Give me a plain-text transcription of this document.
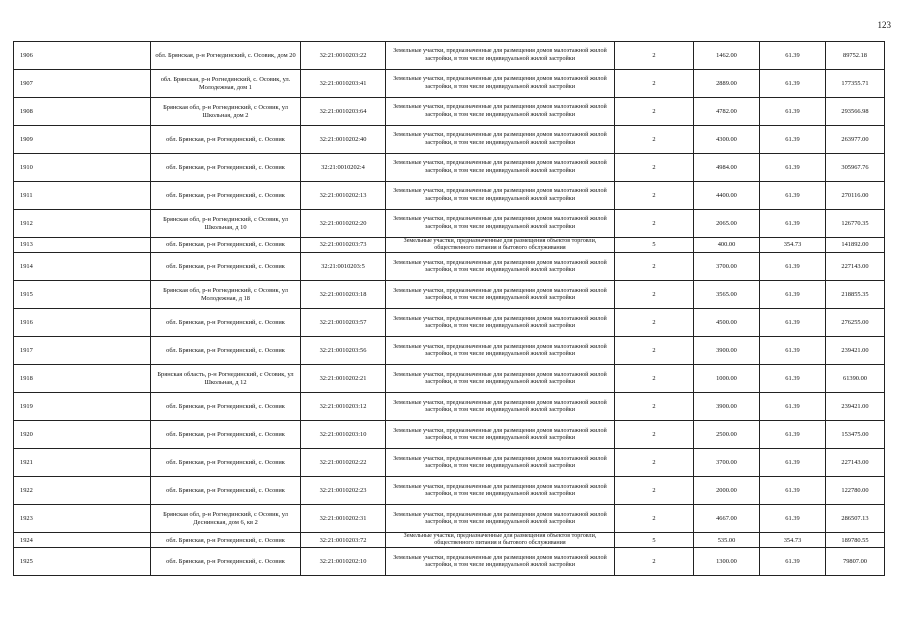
123
1906	обл. Брянская, р-н Рогнединский, с. Осовик, дом 20	32:21:0010203:22	Земельные участки, предназначенные для размещения домов малоэтажной жилой застройки, в том числе индивидуальной жилой застройки	2	1462.00	61.39	89752.18
1907	обл. Брянская, р-н Рогнединский, с. Осовик, ул. Молодежная, дом 1	32:21:0010203:41	Земельные участки, предназначенные для размещения домов малоэтажной жилой застройки, в том числе индивидуальной жилой застройки	2	2889.00	61.39	177355.71
1908	Брянская обл, р-н Рогнединский, с Осовик, ул Школьная, дом 2	32:21:0010203:64	Земельные участки, предназначенные для размещения домов малоэтажной жилой застройки, в том числе индивидуальной жилой застройки	2	4782.00	61.39	293566.98
1909	обл. Брянская, р-н Рогнединский, с. Осовик	32:21:0010202:40	Земельные участки, предназначенные для размещения домов малоэтажной жилой застройки, в том числе индивидуальной жилой застройки	2	4300.00	61.39	263977.00
1910	обл. Брянская, р-н Рогнединский, с. Осовик	32:21:0010202:4	Земельные участки, предназначенные для размещения домов малоэтажной жилой застройки, в том числе индивидуальной жилой застройки	2	4984.00	61.39	305967.76
1911	обл. Брянская, р-н Рогнединский, с. Осовик	32:21:0010202:13	Земельные участки, предназначенные для размещения домов малоэтажной жилой застройки, в том числе индивидуальной жилой застройки	2	4400.00	61.39	270116.00
1912	Брянская обл, р-н Рогнединский, с Осовик, ул Школьная, д 10	32:21:0010202:20	Земельные участки, предназначенные для размещения домов малоэтажной жилой застройки, в том числе индивидуальной жилой застройки	2	2065.00	61.39	126770.35
1913	обл. Брянская, р-н Рогнединский, с. Осовик	32:21:0010203:73	Земельные участки, предназначенные для размещения объектов торговли, общественного питания и бытового обслуживания	5	400.00	354.73	141892.00
1914	обл. Брянская, р-н Рогнединский, с. Осовик	32:21:0010203:5	Земельные участки, предназначенные для размещения домов малоэтажной жилой застройки, в том числе индивидуальной жилой застройки	2	3700.00	61.39	227143.00
1915	Брянская обл, р-н Рогнединский, с Осовик, ул Молодежная, д 18	32:21:0010203:18	Земельные участки, предназначенные для размещения домов малоэтажной жилой застройки, в том числе индивидуальной жилой застройки	2	3565.00	61.39	218855.35
1916	обл. Брянская, р-н Рогнединский, с. Осовик	32:21:0010203:57	Земельные участки, предназначенные для размещения домов малоэтажной жилой застройки, в том числе индивидуальной жилой застройки	2	4500.00	61.39	276255.00
1917	обл. Брянская, р-н Рогнединский, с. Осовик	32:21:0010203:56	Земельные участки, предназначенные для размещения домов малоэтажной жилой застройки, в том числе индивидуальной жилой застройки	2	3900.00	61.39	239421.00
1918	Брянская область, р-н Рогнединский, с Осовик, ул Школьная, д 12	32:21:0010202:21	Земельные участки, предназначенные для размещения домов малоэтажной жилой застройки, в том числе индивидуальной жилой застройки	2	1000.00	61.39	61390.00
1919	обл. Брянская, р-н Рогнединский, с. Осовик	32:21:0010203:12	Земельные участки, предназначенные для размещения домов малоэтажной жилой застройки, в том числе индивидуальной жилой застройки	2	3900.00	61.39	239421.00
1920	обл. Брянская, р-н Рогнединский, с. Осовик	32:21:0010203:10	Земельные участки, предназначенные для размещения домов малоэтажной жилой застройки, в том числе индивидуальной жилой застройки	2	2500.00	61.39	153475.00
1921	обл. Брянская, р-н Рогнединский, с. Осовик	32:21:0010202:22	Земельные участки, предназначенные для размещения домов малоэтажной жилой застройки, в том числе индивидуальной жилой застройки	2	3700.00	61.39	227143.00
1922	обл. Брянская, р-н Рогнединский, с. Осовик	32:21:0010202:23	Земельные участки, предназначенные для размещения домов малоэтажной жилой застройки, в том числе индивидуальной жилой застройки	2	2000.00	61.39	122780.00
1923	Брянская обл, р-н Рогнединский, с Осовик, ул Деснинская, дом 6, кв 2	32:21:0010202:31	Земельные участки, предназначенные для размещения домов малоэтажной жилой застройки, в том числе индивидуальной жилой застройки	2	4667.00	61.39	286507.13
1924	обл. Брянская, р-н Рогнединский, с. Осовик	32:21:0010203:72	Земельные участки, предназначенные для размещения объектов торговли, общественного питания и бытового обслуживания	5	535.00	354.73	189780.55
1925	обл. Брянская, р-н Рогнединский, с. Осовик	32:21:0010202:10	Земельные участки, предназначенные для размещения домов малоэтажной жилой застройки, в том числе индивидуальной жилой застройки	2	1300.00	61.39	79807.00
